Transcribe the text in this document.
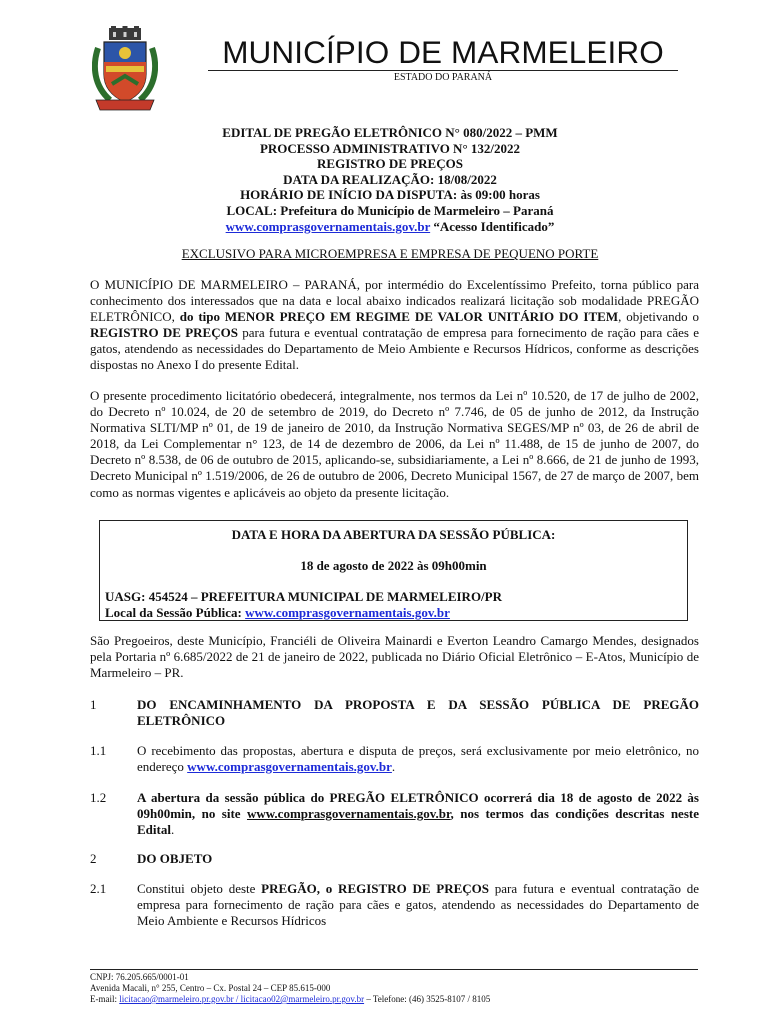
MUNICÍPIO DE MARMELEIRO
ESTADO DO PARANÁ
EDITAL DE PREGÃO ELETRÔNICO N° 080/2022 – PMM
PROCESSO ADMINISTRATIVO N° 132/2022
REGISTRO DE PREÇOS
DATA DA REALIZAÇÃO: 18/08/2022
HORÁRIO DE INÍCIO DA DISPUTA: às 09:00 horas
LOCAL: Prefeitura do Município de Marmeleiro – Paraná
www.comprasgovernamentais.gov.br “Acesso Identificado”
EXCLUSIVO PARA MICROEMPRESA E EMPRESA DE PEQUENO PORTE
O MUNICÍPIO DE MARMELEIRO – PARANÁ, por intermédio do Excelentíssimo Prefeito, torna público para conhecimento dos interessados que na data e local abaixo indicados realizará licitação sob modalidade PREGÃO ELETRÔNICO, do tipo MENOR PREÇO EM REGIME DE VALOR UNITÁRIO DO ITEM, objetivando o REGISTRO DE PREÇOS para futura e eventual contratação de empresa para fornecimento de ração para cães e gatos, atendendo as necessidades do Departamento de Meio Ambiente e Recursos Hídricos, conforme as descrições dispostas no Anexo I do presente Edital.
O presente procedimento licitatório obedecerá, integralmente, nos termos da Lei nº 10.520, de 17 de julho de 2002, do Decreto nº 10.024, de 20 de setembro de 2019, do Decreto nº 7.746, de 05 de junho de 2012, da Instrução Normativa SLTI/MP nº 01, de 19 de janeiro de 2010, da Instrução Normativa SEGES/MP nº 03, de 26 de abril de 2018, da Lei Complementar n° 123, de 14 de dezembro de 2006, da Lei nº 11.488, de 15 de junho de 2007, do Decreto nº 8.538, de 06 de outubro de 2015, aplicando-se, subsidiariamente, a Lei nº 8.666, de 21 de junho de 1993, Decreto Municipal nº 1.519/2006, de 26 de outubro de 2006, Decreto Municipal 1567, de 27 de março de 2007, bem como as normas vigentes e aplicáveis ao objeto da presente licitação.
DATA E HORA DA ABERTURA DA SESSÃO PÚBLICA:
18 de agosto de 2022 às 09h00min
UASG: 454524 – PREFEITURA MUNICIPAL DE MARMELEIRO/PR
Local da Sessão Pública: www.comprasgovernamentais.gov.br
São Pregoeiros, deste Município, Franciéli de Oliveira Mainardi e Everton Leandro Camargo Mendes, designados pela Portaria nº 6.685/2022 de 21 de janeiro de 2022, publicada no Diário Oficial Eletrônico – E-Atos, Município de Marmeleiro – PR.
1	DO ENCAMINHAMENTO DA PROPOSTA E DA SESSÃO PÚBLICA DE PREGÃO ELETRÔNICO
1.1 O recebimento das propostas, abertura e disputa de preços, será exclusivamente por meio eletrônico, no endereço www.comprasgovernamentais.gov.br.
1.2 A abertura da sessão pública do PREGÃO ELETRÔNICO ocorrerá dia 18 de agosto de 2022 às 09h00min, no site www.comprasgovernamentais.gov.br, nos termos das condições descritas neste Edital.
2	DO OBJETO
2.1 Constitui objeto deste PREGÃO, o REGISTRO DE PREÇOS para futura e eventual contratação de empresa para fornecimento de ração para cães e gatos, atendendo as necessidades do Departamento de Meio Ambiente e Recursos Hídricos
CNPJ: 76.205.665/0001-01
Avenida Macali, n° 255, Centro – Cx. Postal 24 – CEP 85.615-000
E-mail: licitacao@marmeleiro.pr.gov.br / licitacao02@marmeleiro.pr.gov.br – Telefone: (46) 3525-8107 / 8105
